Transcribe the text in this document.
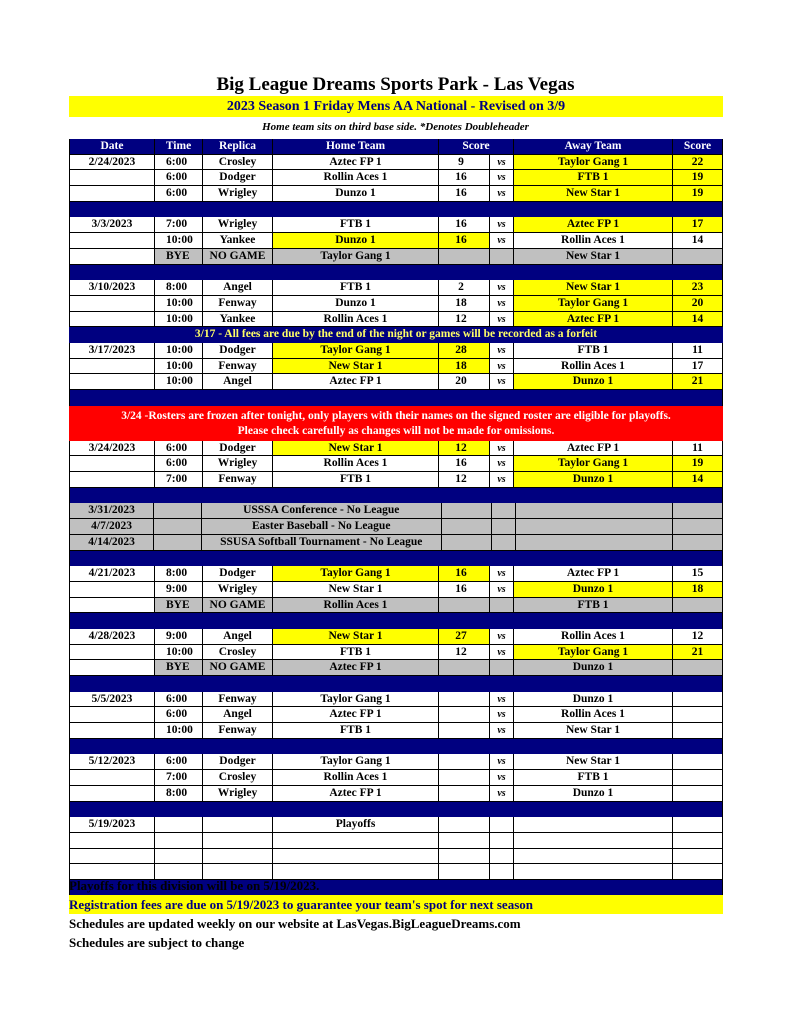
Big League Dreams Sports Park - Las Vegas
2023 Season 1 Friday Mens AA National - Revised on 3/9
Home team sits on third base side. *Denotes Doubleheader
Date	Time	Replica	Home Team	Score	Away Team	Score
2/24/2023	6:00	Crosley	Aztec FP 1	9	vs	Taylor Gang 1	22
6:00	Dodger	Rollin Aces 1	16	vs	FTB 1	19
6:00	Wrigley	Dunzo 1	16	vs	New Star 1	19
3/3/2023	7:00	Wrigley	FTB 1	16	vs	Aztec FP 1	17
10:00	Yankee	Dunzo 1	16	vs	Rollin Aces 1	14
BYE	NO GAME	Taylor Gang 1	New Star 1
3/10/2023	8:00	Angel	FTB 1	2	vs	New Star 1	23
10:00	Fenway	Dunzo 1	18	vs	Taylor Gang 1	20
10:00	Yankee	Rollin Aces 1	12	vs	Aztec FP 1	14
3/17 - All fees are due by the end of the night or games will be recorded as a forfeit
3/17/2023	10:00	Dodger	Taylor Gang 1	28	vs	FTB 1	11
10:00	Fenway	New Star 1	18	vs	Rollin Aces 1	17
10:00	Angel	Aztec FP 1	20	vs	Dunzo 1	21
3/24 -Rosters are frozen after tonight, only players with their names on the signed roster are eligible for playoffs.
Please check carefully as changes will not be made for omissions.
3/24/2023	6:00	Dodger	New Star 1	12	vs	Aztec FP 1	11
6:00	Wrigley	Rollin Aces 1	16	vs	Taylor Gang 1	19
7:00	Fenway	FTB 1	12	vs	Dunzo 1	14
3/31/2023	USSSA Conference - No League
4/7/2023	Easter Baseball - No League
4/14/2023	SSUSA Softball Tournament - No League
4/21/2023	8:00	Dodger	Taylor Gang 1	16	vs	Aztec FP 1	15
9:00	Wrigley	New Star 1	16	vs	Dunzo 1	18
BYE	NO GAME	Rollin Aces 1	FTB 1
4/28/2023	9:00	Angel	New Star 1	27	vs	Rollin Aces 1	12
10:00	Crosley	FTB 1	12	vs	Taylor Gang 1	21
BYE	NO GAME	Aztec FP 1	Dunzo 1
5/5/2023	6:00	Fenway	Taylor Gang 1	vs	Dunzo 1
6:00	Angel	Aztec FP 1	vs	Rollin Aces 1
10:00	Fenway	FTB 1	vs	New Star 1
5/12/2023	6:00	Dodger	Taylor Gang 1	vs	New Star 1
7:00	Crosley	Rollin Aces 1	vs	FTB 1
8:00	Wrigley	Aztec FP 1	vs	Dunzo 1
5/19/2023	Playoffs
Playoffs for this division will be on 5/19/2023.
Registration fees are due on 5/19/2023 to guarantee your team's spot for next season
Schedules are updated weekly on our website at LasVegas.BigLeagueDreams.com
Schedules are subject to change
